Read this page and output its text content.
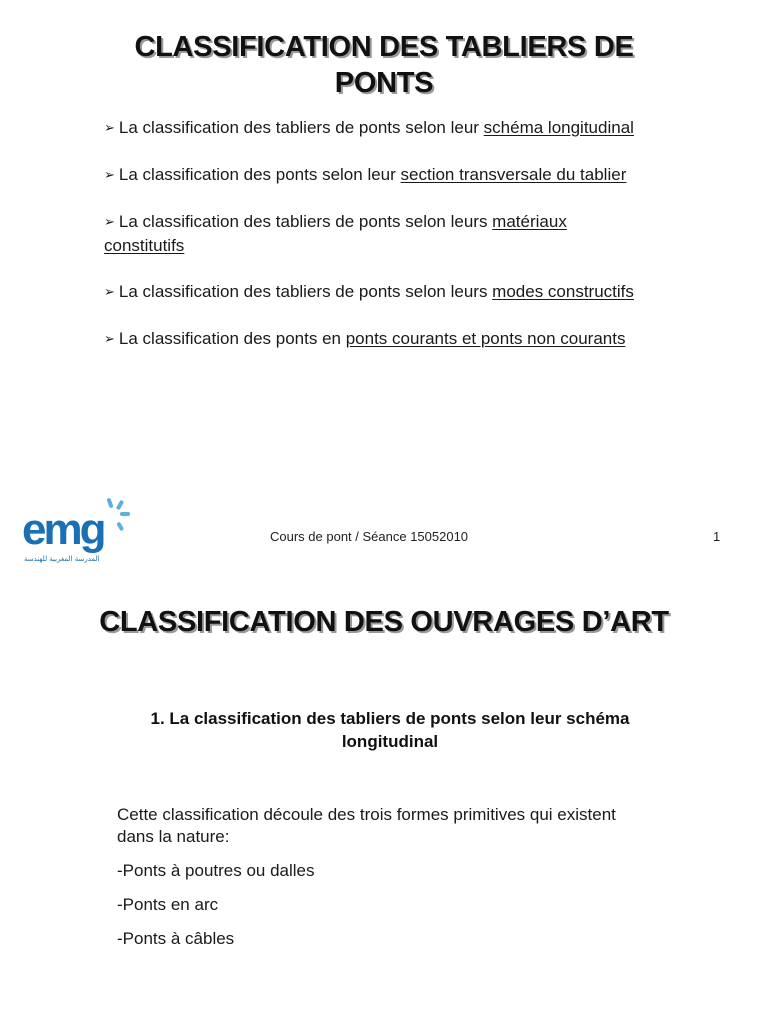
CLASSIFICATION DES TABLIERS DE PONTS
➢ La classification des tabliers de ponts selon leur schéma longitudinal
➢ La classification des ponts selon leur section transversale du tablier
➢ La classification des tabliers de ponts selon leurs matériaux constitutifs
➢ La classification des tabliers de ponts selon leurs modes constructifs
➢ La classification des ponts en ponts courants et ponts non courants
emg
المدرسة المغربية للهندسة
Cours de pont / Séance 15052010	1
CLASSIFICATION DES OUVRAGES D’ART
1. La classification des tabliers de ponts selon leur schéma longitudinal

Cette classification découle des trois formes primitives qui existent dans la nature:

-Ponts à poutres ou dalles

-Ponts en arc

-Ponts à câbles
